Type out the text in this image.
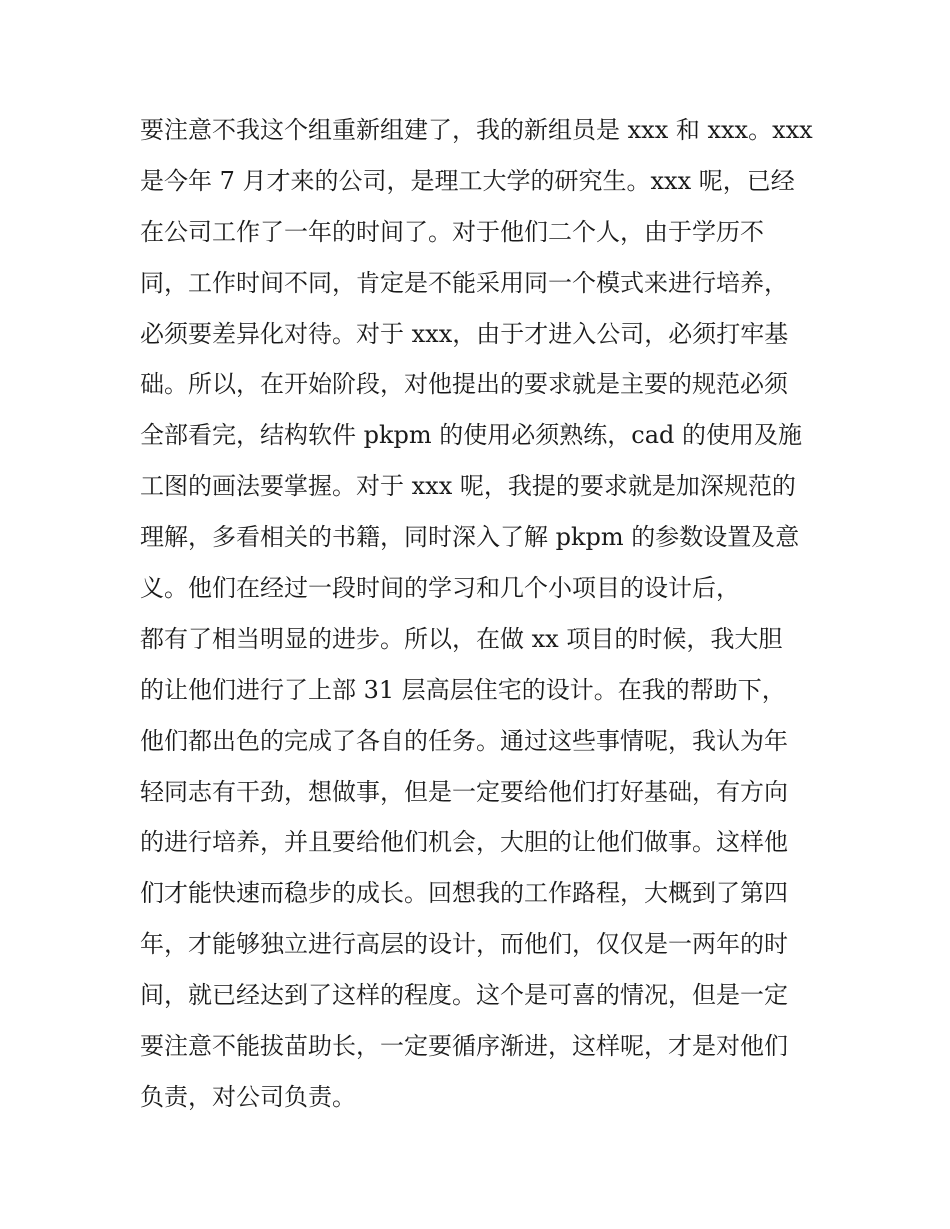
要注意不我这个组重新组建了，我的新组员是 xxx 和 xxx。xxx
是今年 7 月才来的公司，是理工大学的研究生。xxx 呢，已经
在公司工作了一年的时间了。对于他们二个人，由于学历不
同，工作时间不同，肯定是不能采用同一个模式来进行培养，
必须要差异化对待。对于 xxx，由于才进入公司，必须打牢基
础。所以，在开始阶段，对他提出的要求就是主要的规范必须
全部看完，结构软件 pkpm 的使用必须熟练，cad 的使用及施
工图的画法要掌握。对于 xxx 呢，我提的要求就是加深规范的
理解，多看相关的书籍，同时深入了解 pkpm 的参数设置及意
义。他们在经过一段时间的学习和几个小项目的设计后，
都有了相当明显的进步。所以，在做 xx 项目的时候，我大胆
的让他们进行了上部 31 层高层住宅的设计。在我的帮助下，
他们都出色的完成了各自的任务。通过这些事情呢，我认为年
轻同志有干劲，想做事，但是一定要给他们打好基础，有方向
的进行培养，并且要给他们机会，大胆的让他们做事。这样他
们才能快速而稳步的成长。回想我的工作路程，大概到了第四
年，才能够独立进行高层的设计，而他们，仅仅是一两年的时
间，就已经达到了这样的程度。这个是可喜的情况，但是一定
要注意不能拔苗助长，一定要循序渐进，这样呢，才是对他们
负责，对公司负责。
